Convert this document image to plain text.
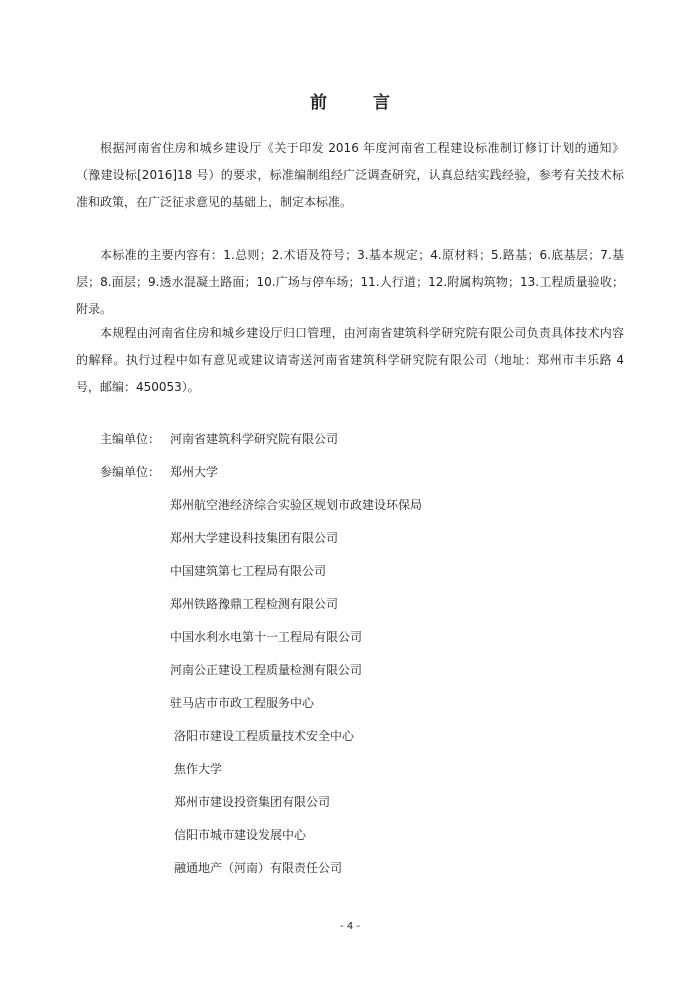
前 言

根据河南省住房和城乡建设厅《关于印发 2016 年度河南省工程建设标准制订修订计划的通知》（豫建设标[2016]18 号）的要求，标准编制组经广泛调查研究，认真总结实践经验，参考有关技术标准和政策，在广泛征求意见的基础上，制定本标准。

本标准的主要内容有：1.总则；2.术语及符号；3.基本规定；4.原材料；5.路基；6.底基层；7.基层；8.面层；9.透水混凝土路面；10.广场与停车场；11.人行道；12.附属构筑物；13.工程质量验收；附录。

本规程由河南省住房和城乡建设厅归口管理，由河南省建筑科学研究院有限公司负责具体技术内容的解释。执行过程中如有意见或建议请寄送河南省建筑科学研究院有限公司（地址：郑州市丰乐路 4 号，邮编：450053）。

主编单位： 河南省建筑科学研究院有限公司
参编单位： 郑州大学
郑州航空港经济综合实验区规划市政建设环保局
郑州大学建设科技集团有限公司
中国建筑第七工程局有限公司
郑州铁路豫鼎工程检测有限公司
中国水利水电第十一工程局有限公司
河南公正建设工程质量检测有限公司
驻马店市市政工程服务中心
洛阳市建设工程质量技术安全中心
焦作大学
郑州市建设投资集团有限公司
信阳市城市建设发展中心
融通地产（河南）有限责任公司
- 4 -
